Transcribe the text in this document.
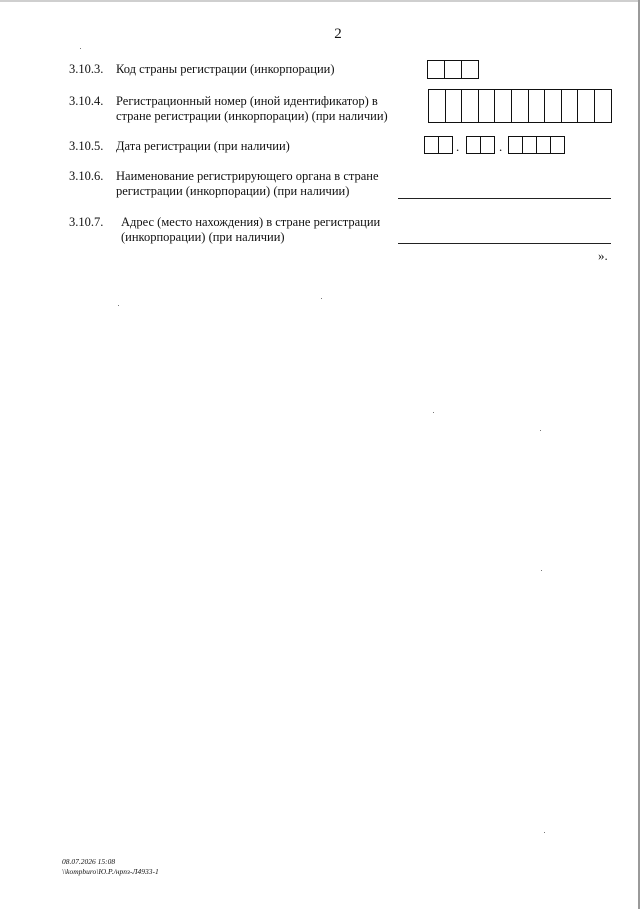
2
3.10.3. Код страны регистрации (инкорпорации)
3.10.4. Регистрационный номер (иной идентификатор) в стране регистрации (инкорпорации) (при наличии)
3.10.5. Дата регистрации (при наличии)	.	.
3.10.6. Наименование регистрирующего органа в стране регистрации (инкорпорации) (при наличии)
3.10.7. Адрес (место нахождения) в стране регистрации (инкорпорации) (при наличии)
».
08.07.2026 15:08
\\kompburo\Ю.Р./нрпз-Л4933-1
